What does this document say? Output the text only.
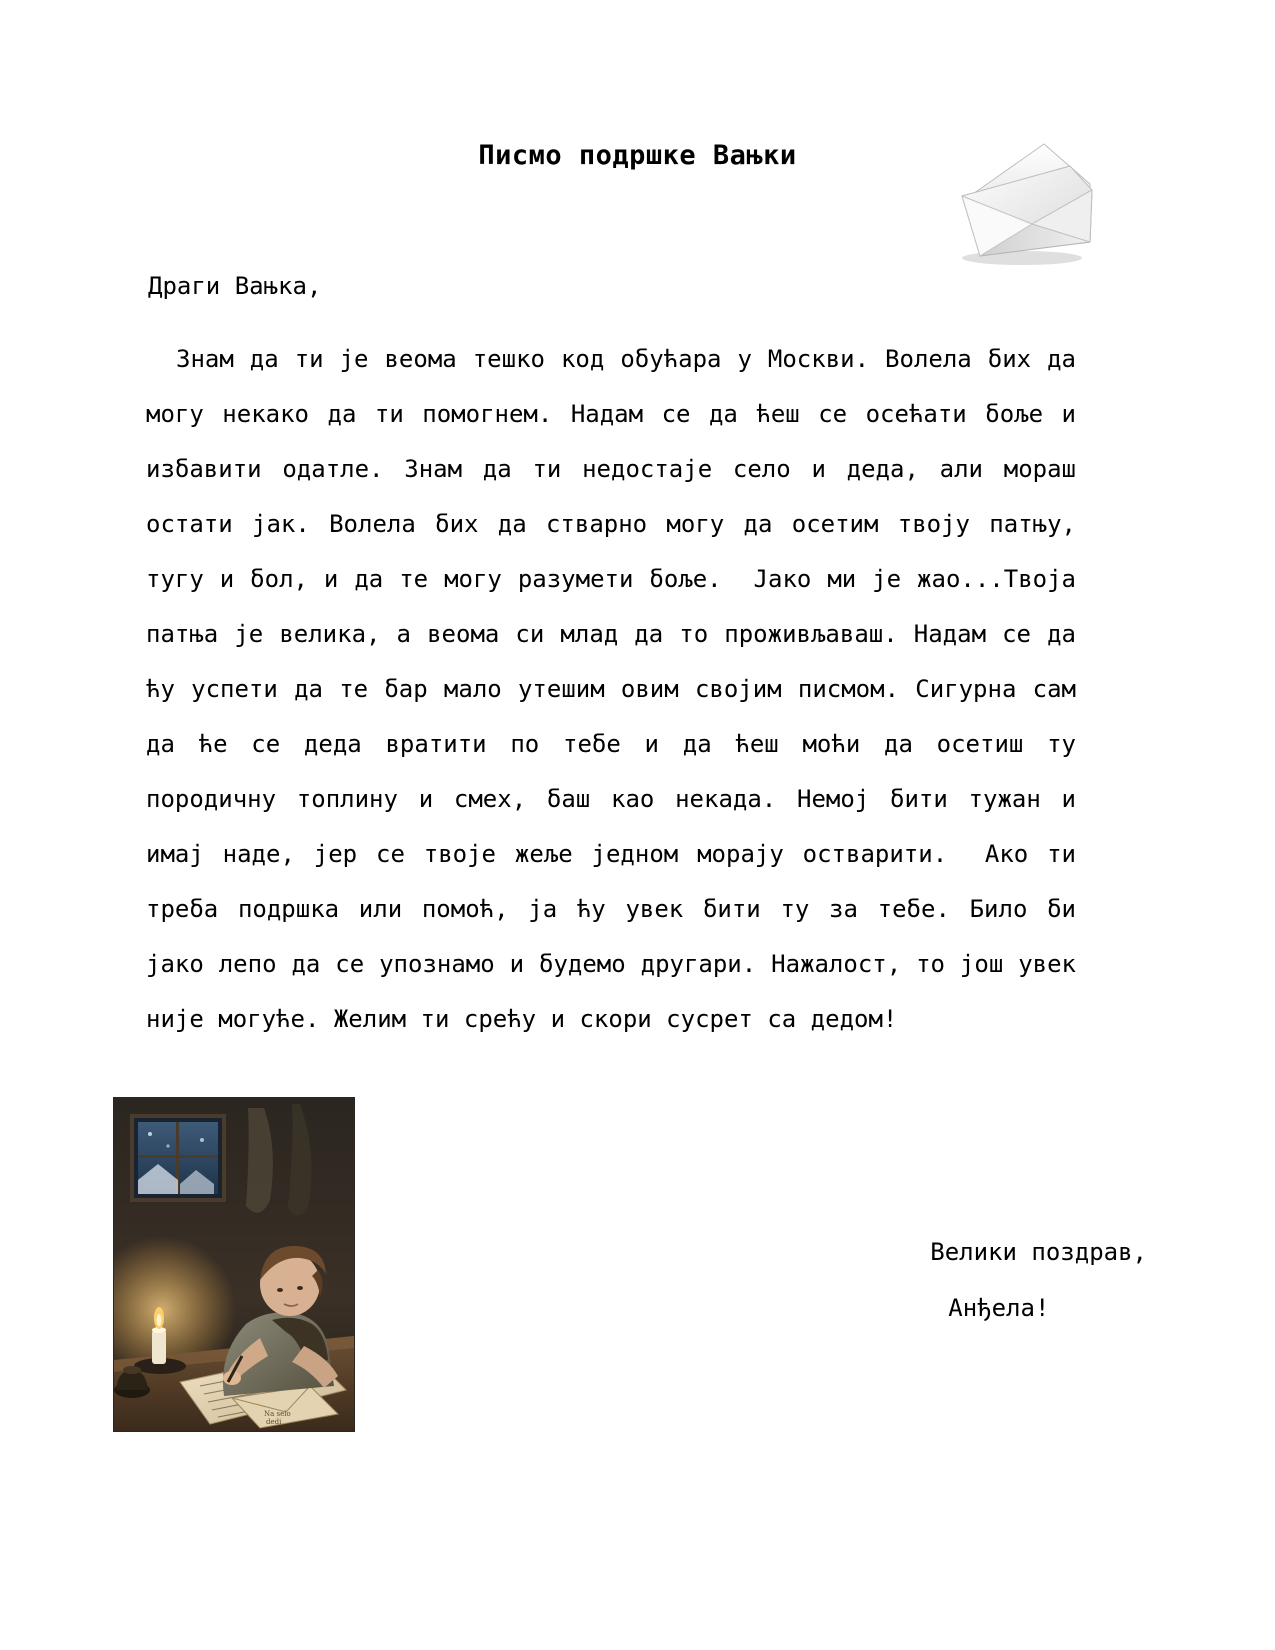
Писмо подршке Вањки
Драги Вањка,
Знам да ти је веома тешко код обућара у Москви. Волела бих да могу некако да ти помогнем. Надам се да ћеш се осећати боље и избавити одатле. Знам да ти недостаје село и деда, али мораш остати јак. Волела бих да стварно могу да осетим твоју патњу, тугу и бол, и да те могу разумети боље.  Јако ми је жао...Твоја патња је велика, а веома си млад да то проживљаваш. Надам се да ћу успети да те бар мало утешим овим својим писмом. Сигурна сам да ће се деда вратити по тебе и да ћеш моћи да осетиш ту породичну топлину и смех, баш као некада. Немој бити тужан и имај наде, јер се твоје жеље једном морају остварити.  Ако ти треба подршка или помоћ, ја ћу увек бити ту за тебе. Било би јако лепо да се упознамо и будемо другари. Нажалост, то још увек није могуће. Желим ти срећу и скори сусрет са дедом!
Na selo
dedi
Велики поздрав,
Анђела!
